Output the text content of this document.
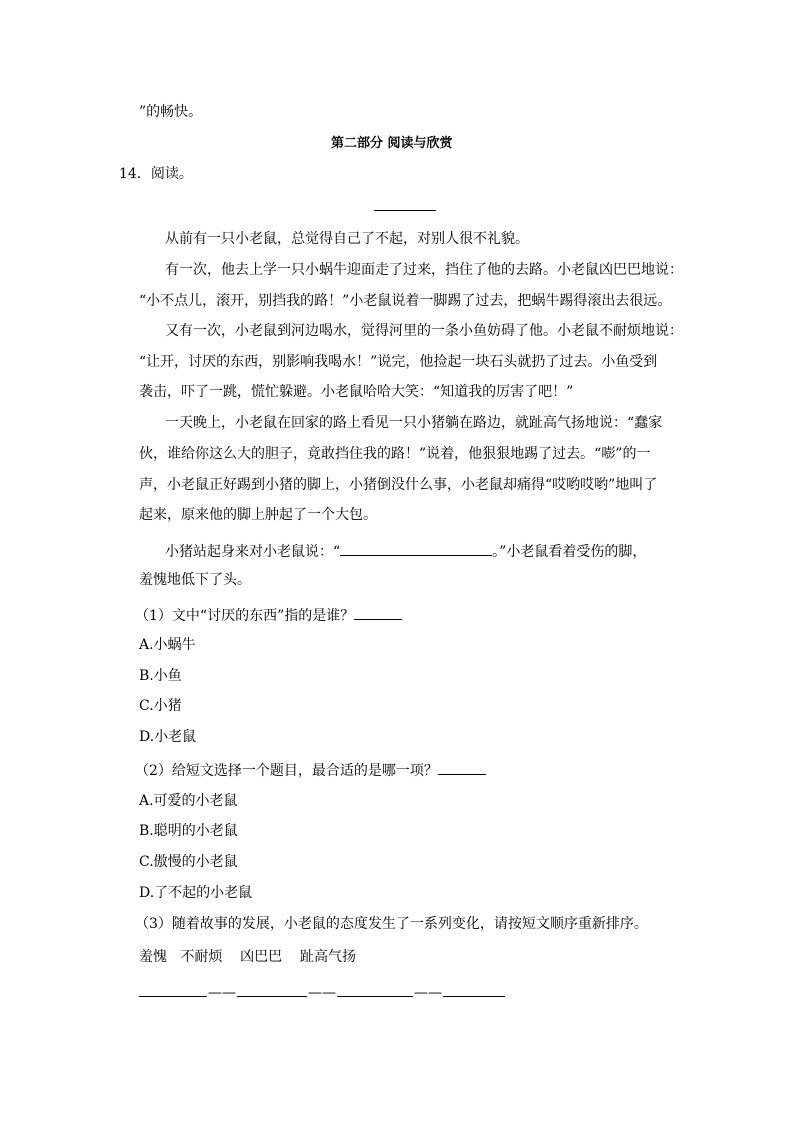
”的畅快。
第二部分 阅读与欣赏
14．阅读。
从前有一只小老鼠，总觉得自己了不起，对别人很不礼貌。
有一次，他去上学一只小蜗牛迎面走了过来，挡住了他的去路。小老鼠凶巴巴地说：
“小不点儿，滚开，别挡我的路！”小老鼠说着一脚踢了过去，把蜗牛踢得滚出去很远。
又有一次，小老鼠到河边喝水，觉得河里的一条小鱼妨碍了他。小老鼠不耐烦地说：
“让开，讨厌的东西，别影响我喝水！”说完，他捡起一块石头就扔了过去。小鱼受到
袭击，吓了一跳，慌忙躲避。小老鼠哈哈大笑：“知道我的厉害了吧！”
一天晚上，小老鼠在回家的路上看见一只小猪躺在路边，就趾高气扬地说：“蠢家
伙，谁给你这么大的胆子，竟敢挡住我的路！”说着，他狠狠地踢了过去。“嘭”的一
声，小老鼠正好踢到小猪的脚上，小猪倒没什么事，小老鼠却痛得“哎哟哎哟”地叫了
起来，原来他的脚上肿起了一个大包。
小猪站起身来对小老鼠说：“	。”小老鼠看着受伤的脚，
羞愧地低下了头。
（1）文中“讨厌的东西”指的是谁？
A.小蜗牛
B.小鱼
C.小猪
D.小老鼠
（2）给短文选择一个题目，最合适的是哪一项？
A.可爱的小老鼠
B.聪明的小老鼠
C.傲慢的小老鼠
D.了不起的小老鼠
（3）随着故事的发展，小老鼠的态度发生了一系列变化，请按短文顺序重新排序。
羞愧   不耐烦    凶巴巴    趾高气扬
——	——	——
